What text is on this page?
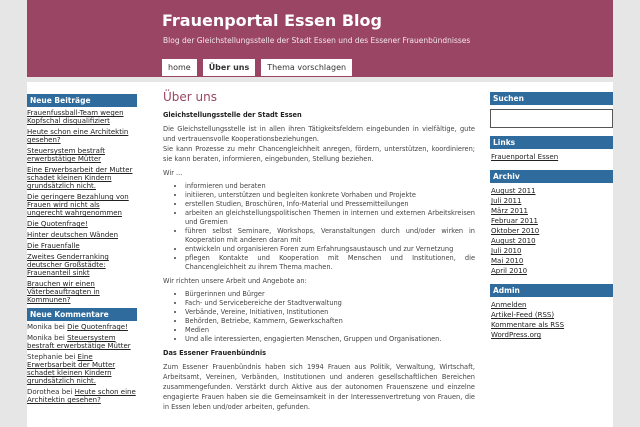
Frauenportal Essen Blog
Blog der Gleichstellungsstelle der Stadt Essen und des Essener Frauenbündnisses
home	Über uns	Thema vorschlagen
Neue Beiträge
Frauenfussball-Team wegen Kopfschal disqualifiziert
Heute schon eine Architektin gesehen?
Steuersystem bestraft erwerbstätige Mütter
Eine Erwerbsarbeit der Mutter schadet kleinen Kindern grundsätzlich nicht.
Die geringere Bezahlung von Frauen wird nicht als ungerecht wahrgenommen
Die Quotenfrage!
Hinter deutschen Wänden
Die Frauenfalle
Zweites Genderranking deutscher Großstädte: Frauenanteil sinkt
Brauchen wir einen Väterbeauftragten in Kommunen?
Neue Kommentare
Monika bei Die Quotenfrage!
Monika bei Steuersystem bestraft erwerbstätige Mütter
Stephanie bei Eine Erwerbsarbeit der Mutter schadet kleinen Kindern grundsätzlich nicht.
Dorothea bei Heute schon eine Architektin gesehen?
Über uns

Gleichstellungsstelle der Stadt Essen

Die Gleichstellungsstelle ist in allen ihren Tätigkeitsfeldern eingebunden in vielfältige, gute und vertrauensvolle Kooperationsbeziehungen.
Sie kann Prozesse zu mehr Chancengleichheit anregen, fördern, unterstützen, koordinieren; sie kann beraten, informieren, eingebunden, Stellung beziehen.

Wir ...

• informieren und beraten
• initiieren, unterstützen und begleiten konkrete Vorhaben und Projekte
• erstellen Studien, Broschüren, Info-Material und Pressemitteilungen
• arbeiten an gleichstellungspolitischen Themen in internen und externen Arbeitskreisen und Gremien
• führen selbst Seminare, Workshops, Veranstaltungen durch und/oder wirken in Kooperation mit anderen daran mit
• entwickeln und organisieren Foren zum Erfahrungsaustausch und zur Vernetzung
• pflegen Kontakte und Kooperation mit Menschen und Institutionen, die Chancengleichheit zu ihrem Thema machen.

Wir richten unsere Arbeit und Angebote an:

• Bürgerinnen und Bürger
• Fach- und Servicebereiche der Stadtverwaltung
• Verbände, Vereine, Initiativen, Institutionen
• Behörden, Betriebe, Kammern, Gewerkschaften
• Medien
• Und alle interessierten, engagierten Menschen, Gruppen und Organisationen.

Das Essener Frauenbündnis

Zum Essener Frauenbündnis haben sich 1994 Frauen aus Politik, Verwaltung, Wirtschaft, Arbeitsamt, Vereinen, Verbänden, Institutionen und anderen gesellschaftlichen Bereichen zusammengefunden. Verstärkt durch Aktive aus der autonomen Frauenszene und einzelne engagierte Frauen haben sie die Gemeinsamkeit in der Interessenvertretung von Frauen, die in Essen leben und/oder arbeiten, gefunden.

Suchen
Links
Frauenportal Essen
Archiv
August 2011
Juli 2011
März 2011
Februar 2011
Oktober 2010
August 2010
Juli 2010
Mai 2010
April 2010
Admin
Anmelden
Artikel-Feed (RSS)
Kommentare als RSS
WordPress.org
